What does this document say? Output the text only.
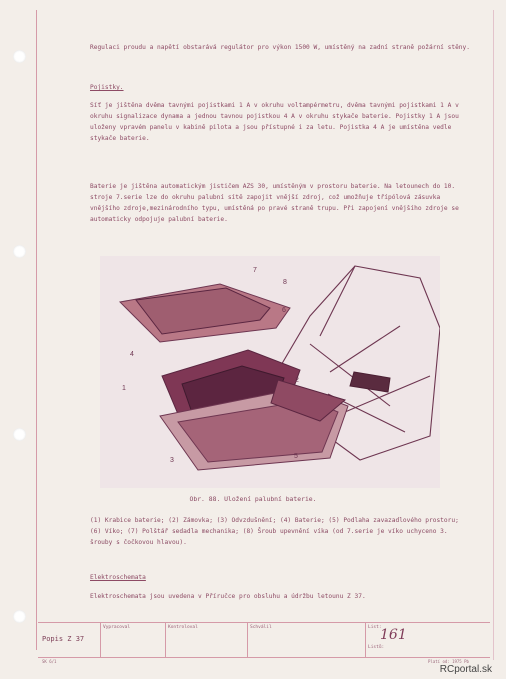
Regulaci proudu a napětí obstarává regulátor pro výkon 1500 W, umístěný na zadní straně požární stěny.
Pojistky.
Síť je jištěna dvěma tavnými pojistkami 1 A v okruhu voltampérmetru, dvěma tavnými pojistkami 1 A v okruhu signalizace dynama a jednou tavnou pojistkou 4 A v okruhu stykače baterie. Pojistky 1 A jsou uloženy vpravém panelu v kabině pilota a jsou přístupné i za letu. Pojistka 4 A je umístěna vedle stykače baterie.
Baterie je jištěna automatickým jističem AZS 30, umístěným v prostoru baterie. Na letounech do 10. stroje 7.serie lze do okruhu palubní sítě zapojit vnější zdroj, což umožňuje třípólová zásuvka vnějšího zdroje,mezinárodního typu, umístěná po pravé straně trupu. Při zapojení vnějšího zdroje se automaticky odpojuje palubní baterie.
7
8
6
4
1
2
3
5
Obr. 88. Uložení palubní baterie.
(1) Krabice baterie; (2) Zámovka; (3) Odvzdušnění; (4) Baterie; (5) Podlaha zavazadlového prostoru; (6) Víko; (7) Polštář sedadla mechanika; (8) Šroub upevnění víka (od 7.serie je víko uchyceno 3. šrouby s čočkovou hlavou).
Elektroschemata
Elektroschemata jsou uvedena v Příručce pro obsluhu a údržbu letounu Z 37.
Popis Z 37
Vypracoval	Kontroloval	Schválil	List:
161
Listů:
SK 6/1	Platí od: 1975 Pb
RCportal.sk
